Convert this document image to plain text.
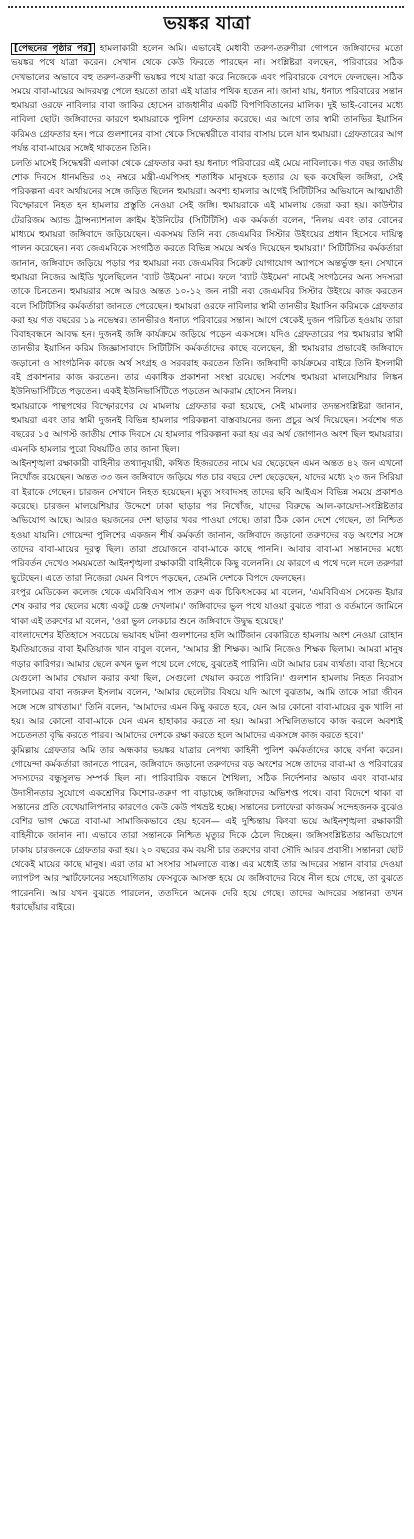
ভয়ঙ্কর যাত্রা

[পেছনের পৃষ্ঠার পর] হামলাকারী হলেন অমি। এভাবেই মেধাবী তরুণ-তরুণীরা গোপনে জঙ্গিবাদের মতো ভয়ঙ্কর পথে যাত্রা করেন। সেখান থেকে কেউ ফিরতে পারছেন না। সংশ্লিষ্টরা বলছেন, পরিবারের সঠিক দেখভালের অভাবে বহু তরুণ-তরুণী ভয়ঙ্কর পথে যাত্রা করে নিজেকে এবং পরিবারকে বেপদে ফেলছেন। সঠিক সময়ে বাবা-মায়ের আদরযত্ন পেলে হয়তো তারা এই যাত্রার পথিক হতেন না। জানা যায়, ধনাঢ্য পরিবারের সন্তান হুমায়রা ওরফে নাবিলার বাবা জাকির হোসেন রাজধানীর একটি বিপণিবিতানের মালিক। দুই ভাই-বোনের মধ্যে নাবিলা ছোট। জঙ্গিবাদের কারণে হুমায়রাকে পুলিশ গ্রেফতার করেছে। এর আগে তার স্বামী তানভির ইয়াসিন করিমও গ্রেফতার হন। পরে গুলশানের বাসা থেকে সিদ্ধেশ্বরীতে বাবার বাসায় চলে যান হুমায়রা। গ্রেফতারের আগ পর্যন্ত বাবা-মায়ের সঙ্গেই থাকতেন তিনি।

চলতি মাসেই সিদ্ধেশ্বরী এলাকা থেকে গ্রেফতার করা হয় ধনাঢ্য পরিবারের এই মেয়ে নাবিলাকে। গত বছর জাতীয় শোক দিবসে ধানমন্ডির ৩২ নম্বরে মন্ত্রী-এমপিসহ শতাধিক মানুষকে হত্যার যে ছক কষেছিল জঙ্গিরা, সেই পরিকল্পনা এবং অর্থায়নের সঙ্গে জড়িত ছিলেন হুমায়রা। অবশ্য হামলার আগেই সিটিটিসির অভিযানে আত্মঘাতী বিস্ফোরণে নিহত হন হামলার প্রস্তুতি নেওয়া সেই জঙ্গি। হুমায়রাকে এই মামলায় জেরা করা হয়। কাউন্টার টেররিজম অ্যান্ড ট্রান্সন্যাশনাল ক্রাইম ইউনিটের (সিটিটিসি) এক কর্মকর্তা বলেন, 'নিলয় এবং তার বোনের মাধ্যমে হুমায়রা জঙ্গিবাদে জড়িয়েছেন। একসময় তিনি নব্য জেএমবির সিস্টার উইংয়ের প্রধান হিসেবে দায়িত্ব পালন করেছেন। নব্য জেএমবিকে সংগঠিত করতে বিভিন্ন সময়ে অর্থও দিয়েছেন হুমায়রা।' সিটিটিসির কর্মকর্তারা জানান, জঙ্গিবাদে জড়িয়ে পড়ার পর হুমায়রা নব্য জেএমবির সিক্রেট যোগাযোগ অ্যাপসে অন্তর্ভুক্ত হন। সেখানে হুমায়রা নিজের আইডি খুলেছিলেন 'ব্যাট উইমেন' নামে। ফলে 'ব্যাট উইমেন' নামেই সংগঠনের অন্য সদস্যরা তাকে চিনতেন। হুমায়রার সঙ্গে আরও অন্তত ১০-১২ জন নারী নব্য জেএমবির সিস্টার উইংয়ে কাজ করতেন বলে সিটিটিসির কর্মকর্তারা জানতে পেরেছেন। হুমায়রা ওরফে নাবিলার স্বামী তানভীর ইয়াসিন করিমকে গ্রেফতার করা হয় গত বছরের ১৯ নভেম্বর। তানভীরও ধনাঢ্য পরিবারের সন্তান। আগে থেকেই দুজন পরিচিত হওয়ায় তারা বিবাহবন্ধনে আবদ্ধ হন। দুজনই জঙ্গি কার্যক্রমে জড়িয়ে পড়েন একসঙ্গে। যদিও গ্রেফতারের পর হুমায়রার স্বামী তানভীর ইয়াসিন করিম জিজ্ঞাসাবাদে সিটিটিসি কর্মকর্তাদের কাছে বলেছেন, স্ত্রী হুমায়রার প্রভাবেই জঙ্গিবাদে জড়ানো ও সাংগঠনিক কাজে অর্থ সংগ্রহ ও সরবরাহ করতেন তিনি। জঙ্গিবাদী কার্যক্রমের বাইরে তিনি ইসলামী বই প্রকাশনার কাজ করতেন। তার একাধিক প্রকাশনা সংস্থা রয়েছে। সর্বশেষ হুমায়রা মালয়েশিয়ার লিঙ্কন ইউনিভার্সিটিতে পড়তেন। একই ইউনিভার্সিটিতে পড়তেন আকরাম হোসেন নিলয়।

হুমায়রাকে পান্থপথের বিস্ফোরণের যে মামলায় গ্রেফতার করা হয়েছে, সেই মামলার তদন্তসংশ্লিষ্টরা জানান, হুমায়রা এবং তার স্বামী দুজনই বিভিন্ন হামলার পরিকল্পনা বাস্তবায়নের জন্য প্রচুর অর্থ দিয়েছেন। সর্বশেষ গত বছরের ১৫ আগস্ট জাতীয় শোক দিবসে যে হামলার পরিকল্পনা করা হয় এর অর্থ জোগানও অংশ ছিল হুমায়রার। এমনকি হামলার পুরো বিষয়টিও তার জানা ছিল।

আইনশৃঙ্খলা রক্ষাকারী বাহিনীর তথ্যানুযায়ী, কথিত হিজরতের নামে ঘর ছেড়েছেন এমন অন্তত ৪২ জন এখনো নিখোঁজ রয়েছেন। অন্তত ৩৩ জন জঙ্গিবাদে জড়িয়ে গত চার বছরে দেশ ছেড়েছেন, যাদের মধ্যে ২৩ জন সিরিয়া বা ইরাকে গেছেন। চারজন সেখানে নিহত হয়েছেন। মৃত্যু সংবাদসহ তাদের ছবি আইএস বিভিন্ন সময়ে প্রকাশও করেছে। চারজন মালয়েশিয়ার উদ্দেশে ঢাকা ছাড়ার পর নিখোঁজ, যাদের বিরুদ্ধে আল-কায়েদা-সংশ্লিষ্টতার অভিযোগ আছে। আরও ছয়জনের দেশ ছাড়ার খবর পাওয়া গেছে। তারা ঠিক কোন দেশে গেছেন, তা নিশ্চিত হওয়া যায়নি। গোয়েন্দা পুলিশের একজন শীর্ষ কর্মকর্তা জানান, জঙ্গিবাদে জড়ানো তরুণদের বড় অংশের সঙ্গে তাদের বাবা-মায়ের দূরত্ব ছিল। তারা প্রয়োজনে বাবা-মাকে কাছে পাননি। আবার বাবা-মা সন্তানদের মধ্যে পরিবর্তন দেখেও সময়মতো আইনশৃঙ্খলা রক্ষাকারী বাহিনীকে কিছু বলেননি। যে কারণে এ পথে দলে দলে তরুণরা ছুটেছেন। এতে তারা নিজেরা যেমন বিপদে পড়ছেন, তেমনি দেশকে বিপদে ফেলছেন।

রংপুর মেডিকেল কলেজ থেকে এমবিবিএস পাস তরুণ এক চিকিৎসকের মা বলেন, 'এমবিবিএস সেকেন্ড ইয়ার শেষ করার পর ছেলের মধ্যে একটু চেঞ্জ দেখলাম।' জঙ্গিবাদের ভুল পথে যাওয়া বুঝতে পারা ও বর্তমানে জামিনে থাকা এই তরুণের মা বলেন, 'ওরা ভুল লেকচার শুনে জঙ্গিবাদে উদ্বুদ্ধ হয়েছে।'

বাংলাদেশের ইতিহাসে সবচেয়ে ভয়াবহ ঘটনা গুলশানের হলি আর্টিজান বেকারিতে হামলায় অংশ নেওয়া রোহান ইমতিয়াজের বাবা ইমতিয়াজ খান বাবুল বলেন, 'আমার স্ত্রী শিক্ষক। আমি নিজেও শিক্ষক ছিলাম। আমরা মানুষ গড়ার কারিগর। আমার ছেলে কখন ভুল পথে চলে গেছে, বুঝতেই পারিনি। এটা আমার চরম ব্যর্থতা। বাবা হিসেবে যেগুলো আমার খেয়াল করার কথা ছিল, সেগুলো খেয়াল করতে পারিনি।' গুলশান হামলায় নিহত নিবরাস ইসলামের বাবা নজরুল ইসলাম বলেন, 'আমার ছেলেটার বিষয়ে যদি আগে বুঝতাম, আমি তাকে সারা জীবন সঙ্গে সঙ্গে রাখতাম।' তিনি বলেন, 'আমাদের এমন কিছু করতে হবে, যেন আর কোনো বাবা-মায়ের বুক খালি না হয়। আর কোনো বাবা-মাকে যেন এমন হাহাকার করতে না হয়। আমরা সম্মিলিতভাবে কাজ করলে অবশ্যই সচেতনতা বৃদ্ধি করতে পারব। আমাদের দেশকে রক্ষা করতে হলে আমাদের একসঙ্গে কাজ করতে হবে।'

কুমিল্লায় গ্রেফতার অমি তার অন্ধকার ভয়ঙ্কর যাত্রার নেপথ্য কাহিনী পুলিশ কর্মকর্তাদের কাছে বর্ণনা করেন। গোয়েন্দা কর্মকর্তারা জানতে পারেন, জঙ্গিবাদে জড়ানো তরুণদের বড় অংশের সঙ্গে তাদের বাবা-মা ও পরিবারের সদস্যদের বন্ধুসুলভ সম্পর্ক ছিল না। পারিবারিক বন্ধনে শৈথিল্য, সঠিক নির্দেশনার অভাব এবং বাবা-মার উদাসীনতার সুযোগে একশ্রেণির কিশোর-তরুণ পা বাড়াচ্ছে জঙ্গিবাদের অভিশপ্ত পথে। বাবা বিদেশে থাকা বা সন্তানের প্রতি বেখেয়ালিপনার কারণেও কেউ কেউ পথভ্রষ্ট হচ্ছে। সন্তানের চলাফেরা কাজকর্ম সন্দেহজনক বুঝেও বেশির ভাগ ক্ষেত্রে বাবা-মা সামাজিকভাবে হেয় হবেন— এই দুশ্চিন্তায় কিংবা ভয়ে আইনশৃঙ্খলা রক্ষাকারী বাহিনীকে জানান না। এভাবে তারা সন্তানকে নিশ্চিত মৃত্যুর দিকে ঠেলে দিচ্ছেন। জঙ্গিসংশ্লিষ্টতার অভিযোগে ঢাকায় চারজনকে গ্রেফতার করা হয়। ২০ বছরের কম বয়সী চার তরুণের বাবা সৌদি আরব প্রবাসী। সন্তানরা ছোট থেকেই মায়ের কাছে মানুষ। এরা তার মা সংসার সামলাতে ব্যস্ত। এর মধ্যেই তার আদরের সন্তান বাবার দেওয়া ল্যাপটপ আর স্মার্টফোনের সহযোগিতায় ফেসবুকে আসক্ত হয়ে যে জঙ্গিবাদের বিষে নীল হয়ে গেছে, তা বুঝতে পারেননি। আর যখন বুঝতে পারলেন, ততদিনে অনেক দেরি হয়ে গেছে। তাদের আদরের সন্তানরা তখন ধরাছোঁয়ার বাইরে।
